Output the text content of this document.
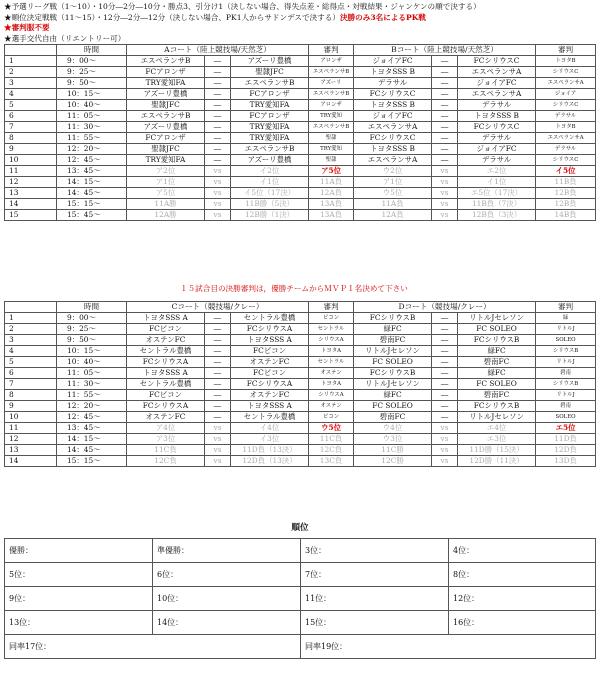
★予選リーグ戦（1～10）・10分―2分―10分・勝点3、引分け1（決しない場合、得失点差・総得点・対戦結果・ジャンケンの順で決する）
★順位決定戦戦（11～15）・12分―2分―12分（決しない場合、PK1人からサドンデスで決する）決勝のみ3名によるPK戦
★審判服不要
★選手交代自由（リエントリー可）
	時間	Aコート（陸上競技場/天然芝）			審判	Bコート（陸上競技場/天然芝）			審判
1	9：00～	エスペランサB	―	アズーリ豊橋	アロンザ	ジョイアFC	―	FCシリウスC	トヨタB
2	9：25～	FCアロンザ	―	聖隷JFC	エスペランサB	トヨタSSS B	―	エスペランサA	シリウスC
3	9：50～	TRY愛知FA	―	エスペランサB	アズーリ	デラサル	―	ジョイアFC	エスペランサA
4	10：15～	アズーリ豊橋	―	FCアロンザ	エスペランサB	FCシリウスC	―	エスペランサA	ジョイア
5	10：40～	聖隷JFC	―	TRY愛知FA	アロンザ	トヨタSSS B	―	デラサル	シリウスC
6	11：05～	エスペランサB	―	FCアロンザ	TRY愛知	ジョイアFC	―	トヨタSSS B	デラサル
7	11：30～	アズーリ豊橋	―	TRY愛知FA	エスペランサB	エスペランサA	―	FCシリウスC	トヨタB
8	11：55～	FCアロンザ	―	TRY愛知FA	聖隷	FCシリウスC	―	デラサル	エスペランサA
9	12：20～	聖隷JFC	―	エスペランサB	TRY愛知	トヨタSSS B	―	ジョイアFC	デラサル
10	12：45～	TRY愛知FA	―	アズーリ豊橋	聖隷	エスペランサA	―	デラサル	シリウスC
11	13：45～	ア2位	vs	イ2位	ア5位	ウ2位	vs	エ2位	イ5位
12	14：15～	ア1位	vs	イ1位	11A負	ア1位	vs	イ1位	11B負
13	14：45～	ア5位	vs	イ5位（17決）	12A負	ウ5位	vs	エ5位（17決）	12B負
14	15：15～	11A勝	vs	11B勝（5決）	13A負	11A負	vs	11B負（7決）	12B負
15	15：45～	12A勝	vs	12B勝（1決）	13A負	12A負	vs	12B負（3決）	14B負
１５試合目の決勝審判は，優勝チームからＭＶＰ１名決めて下さい
	時間	Cコート（競技場/クレー）			審判	Dコート（競技場/クレー）			審判
1	9：00～	トヨタSSS A	―	セントラル豊橋	ビコン	FCシリウスB	―	リトルJセレソン	緑
2	9：25～	FCビコン	―	FCシリウスA	セントラル	緑FC	―	FC SOLEO	リトルJ
3	9：50～	オステンFC	―	トヨタSSS A	シリウスA	碧南FC	―	FCシリウスB	SOLEO
4	10：15～	セントラル豊橋	―	FCビコン	トヨタA	リトルJセレソン	―	緑FC	シリウスB
5	10：40～	FCシリウスA	―	オステンFC	セントラル	FC SOLEO	―	碧南FC	リトルJ
6	11：05～	トヨタSSS A	―	FCビコン	オステン	FCシリウスB	―	緑FC	碧南
7	11：30～	セントラル豊橋	―	FCシリウスA	トヨタA	リトルJセレソン	―	FC SOLEO	シリウスB
8	11：55～	FCビコン	―	オステンFC	シリウスA	緑FC	―	碧南FC	リトルJ
9	12：20～	FCシリウスA	―	トヨタSSS A	オステン	FC SOLEO	―	FCシリウスB	碧南
10	12：45～	オステンFC	―	セントラル豊橋	ビコン	碧南FC	―	リトルJセレソン	SOLEO
11	13：45～	ア4位	vs	イ4位	ウ5位	ウ4位	vs	エ4位	エ5位
12	14：15～	ア3位	vs	イ3位	11C負	ウ3位	vs	エ3位	11D負
13	14：45～	11C負	vs	11D負（13決）	12C負	11C勝	vs	11D勝（15決）	12D負
14	15：15～	12C負	vs	12D負（13決）	13C負	12C勝	vs	12D勝（11決）	13D負
順位
優勝：	準優勝：	3位：	4位：
5位：	6位：	7位：	8位：
9位：	10位：	11位：	12位：
13位：	14位：	15位：	16位：
同率17位：		同率19位：	
